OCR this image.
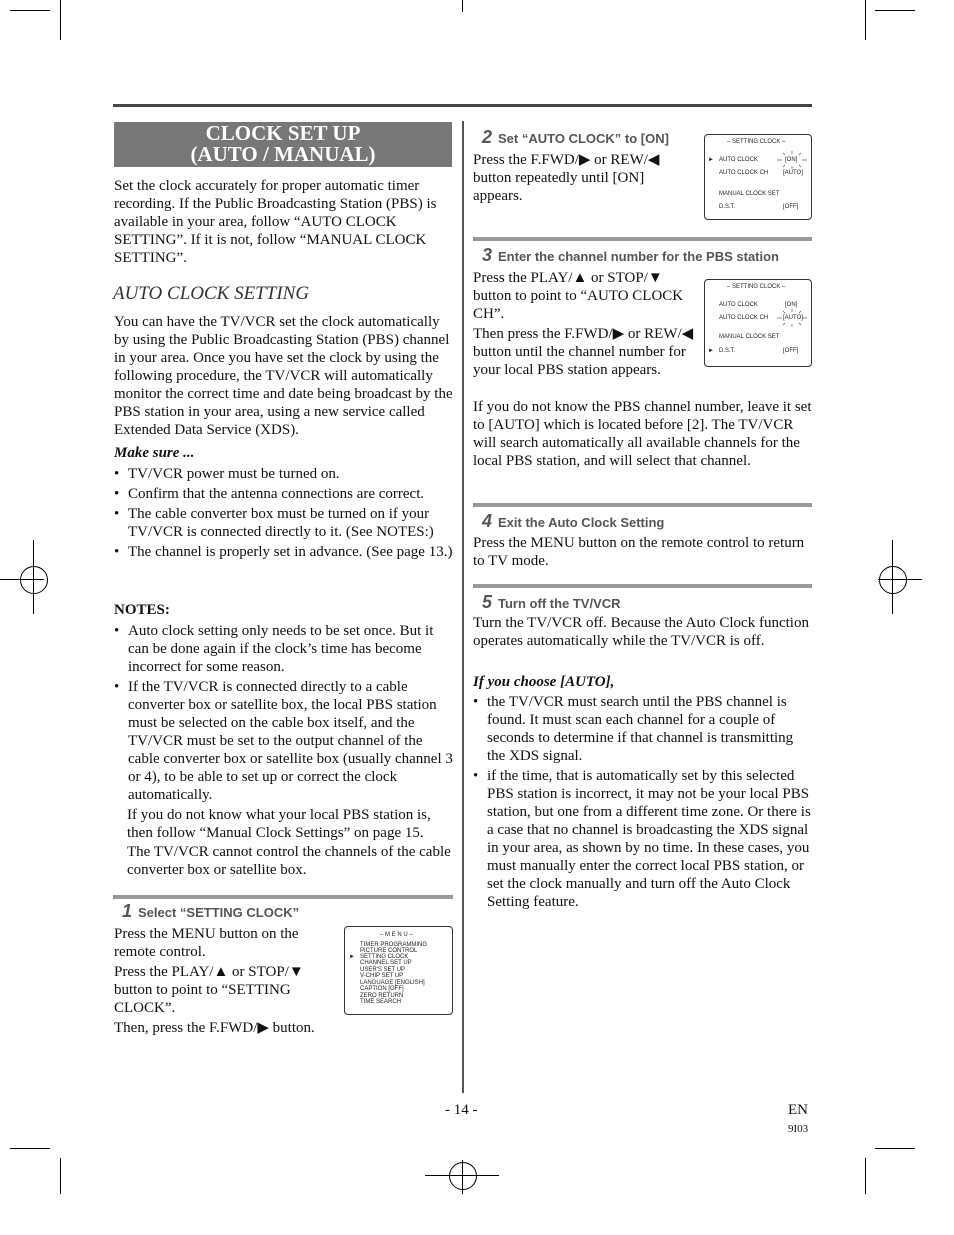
CLOCK SET UP
(AUTO / MANUAL)

Set the clock accurately for proper automatic timer recording. If the Public Broadcasting Station (PBS) is available in your area, follow “AUTO CLOCK SETTING”. If it is not, follow “MANUAL CLOCK SETTING”.

AUTO CLOCK SETTING

You can have the TV/VCR set the clock automatically by using the Public Broadcasting Station (PBS) channel in your area. Once you have set the clock by using the following procedure, the TV/VCR will automatically monitor the correct time and date being broadcast by the PBS station in your area, using a new service called Extended Data Service (XDS).

Make sure ...

• TV/VCR power must be turned on.
• Confirm that the antenna connections are correct.
• The cable converter box must be turned on if your TV/VCR is connected directly to it. (See NOTES:)
• The channel is properly set in advance. (See page 13.)

NOTES:

• Auto clock setting only needs to be set once. But it can be done again if the clock’s time has become incorrect for some reason.
• If the TV/VCR is connected directly to a cable converter box or satellite box, the local PBS station must be selected on the cable box itself, and the TV/VCR must be set to the output channel of the cable converter box or satellite box (usually channel 3 or 4), to be able to set up or correct the clock automatically.

If you do not know what your local PBS station is, then follow “Manual Clock Settings” on page 15.

The TV/VCR cannot control the channels of the cable converter box or satellite box.

1 Select “SETTING CLOCK”

Press the MENU button on the remote control.

Press the PLAY/▲ or STOP/▼ button to point to “SETTING CLOCK”.

Then, press the F.FWD/▶ button.

– M E N U –
►
TIMER PROGRAMMING
PICTURE CONTROL
SETTING CLOCK
CHANNEL SET UP
USER'S SET UP
V-CHIP SET UP
LANGUAGE [ENGLISH]
CAPTION [OFF]
ZERO RETURN
TIME SEARCH
2 Set “AUTO CLOCK” to [ON]

Press the F.FWD/▶ or REW/◀ button repeatedly until [ON] appears.

– SETTING CLOCK –
► AUTO CLOCK	[ON]
AUTO CLOCK CH [AUTO]
MANUAL CLOCK SET
D.S.T.	[OFF]
3 Enter the channel number for the PBS station

Press the PLAY/▲ or STOP/▼ button to point to “AUTO CLOCK CH”.

Then press the F.FWD/▶ or REW/◀ button until the channel number for your local PBS station appears.

If you do not know the PBS channel number, leave it set to [AUTO] which is located before [2]. The TV/VCR will search automatically all available channels for the local PBS station, and will select that channel.

– SETTING CLOCK –
AUTO CLOCK	[ON]
AUTO CLOCK CH [AUTO]
MANUAL CLOCK SET
► D.S.T.	[OFF]
4 Exit the Auto Clock Setting

Press the MENU button on the remote control to return to TV mode.

5 Turn off the TV/VCR

Turn the TV/VCR off. Because the Auto Clock function operates automatically while the TV/VCR is off.

If you choose [AUTO],

• the TV/VCR must search until the PBS channel is found. It must scan each channel for a couple of seconds to determine if that channel is transmitting the XDS signal.
• if the time, that is automatically set by this selected PBS station is incorrect, it may not be your local PBS station, but one from a different time zone. Or there is a case that no channel is broadcasting the XDS signal in your area, as shown by no time. In these cases, you must manually enter the correct local PBS station, or set the clock manually and turn off the Auto Clock Setting feature.

- 14 -	EN

9I03
